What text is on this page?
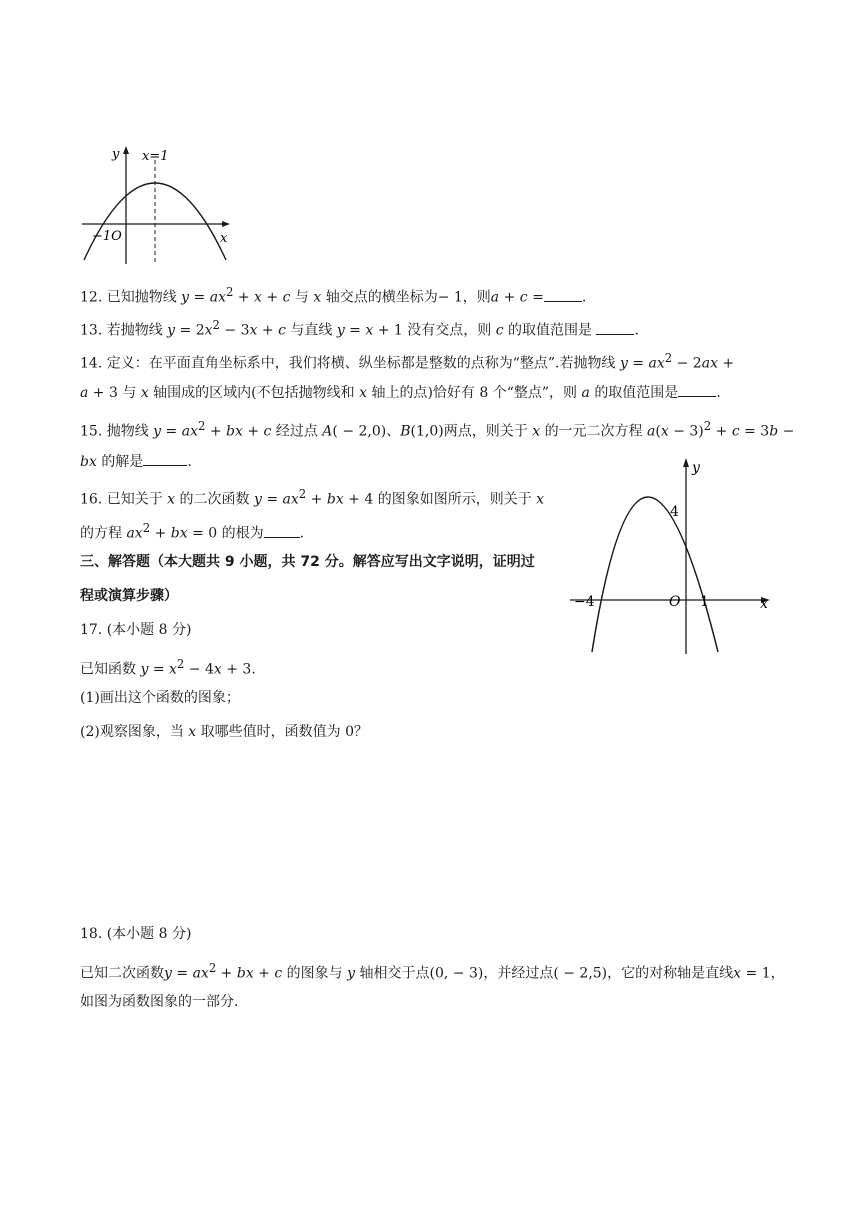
y x=1
−1O	x
12. 已知抛物线 $y = ax^2 + x + c$ 与 x 轴交点的横坐标为− 1，则a + c =	.
13. 若抛物线 $y = 2x^2 - 3x + c$ 与直线 y = x + 1 没有交点，则 c 的取值范围是	.
14. 定义：在平面直角坐标系中，我们将横、纵坐标都是整数的点称为“整点”.若抛物线 $y = ax^2 - 2ax$ +
a + 3 与 x 轴围成的区域内(不包括抛物线和 x 轴上的点)恰好有 8 个“整点”，则 a 的取值范围是	.
15. 抛物线 $y = ax^2$ + bx + c 经过点 A( − 2,0)、B(1,0)两点，则关于 x 的一元二次方程 $a(x - 3)^2 + c = 3b$ −
bx 的解是	.
16. 已知关于 x 的二次函数 $y = ax^2$ + bx + 4 的图象如图所示，则关于 x
的方程 $ax^2$ + bx = 0 的根为	.
三、解答题（本大题共 9 小题，共 72 分。解答应写出文字说明，证明过
程或演算步骤）
y
4
−4	O 1	x
17. (本小题 8 分)
已知函数 $y = x^2 - 4x + 3$.
(1)画出这个函数的图象；
(2)观察图象，当 x 取哪些值时，函数值为 0？
18. (本小题 8 分)
已知二次函数$y = ax^2$ + bx + c 的图象与 y 轴相交于点(0, − 3)，并经过点( − 2,5)，它的对称轴是直线x = 1，
如图为函数图象的一部分.
